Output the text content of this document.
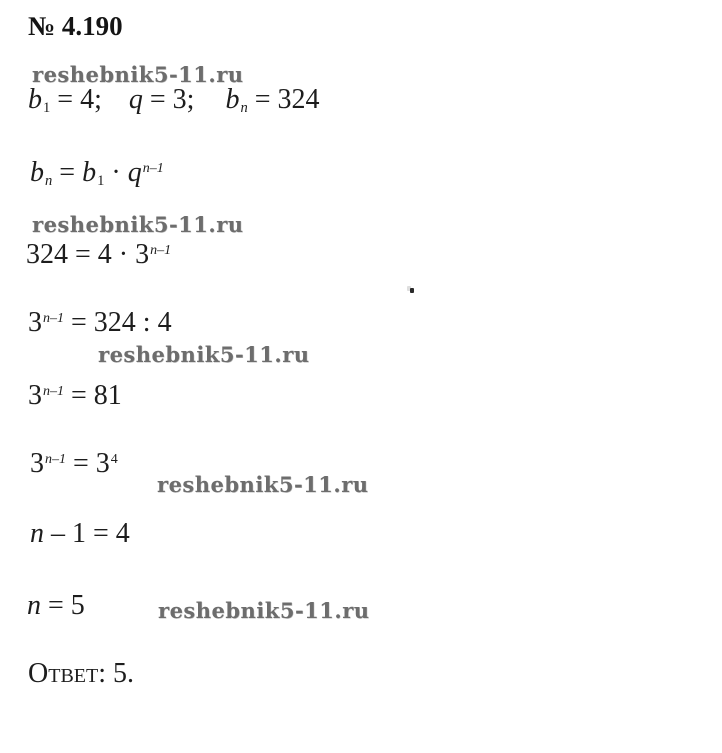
№ 4.190
reshebnik5-11.ru
$b_1 = 4$; q = 3; $b_n = 324$
$b_n = b_1 \cdot q^{n-1}$
reshebnik5-11.ru
$324 = 4 \cdot 3^{n-1}$
$3^{n-1} = 324$ : 4
reshebnik5-11.ru
$3^{n-1} = 81$
$3^{n-1} = 3^4$
reshebnik5-11.ru
n – 1 = 4
n = 5	reshebnik5-11.ru
Ответ: 5.
